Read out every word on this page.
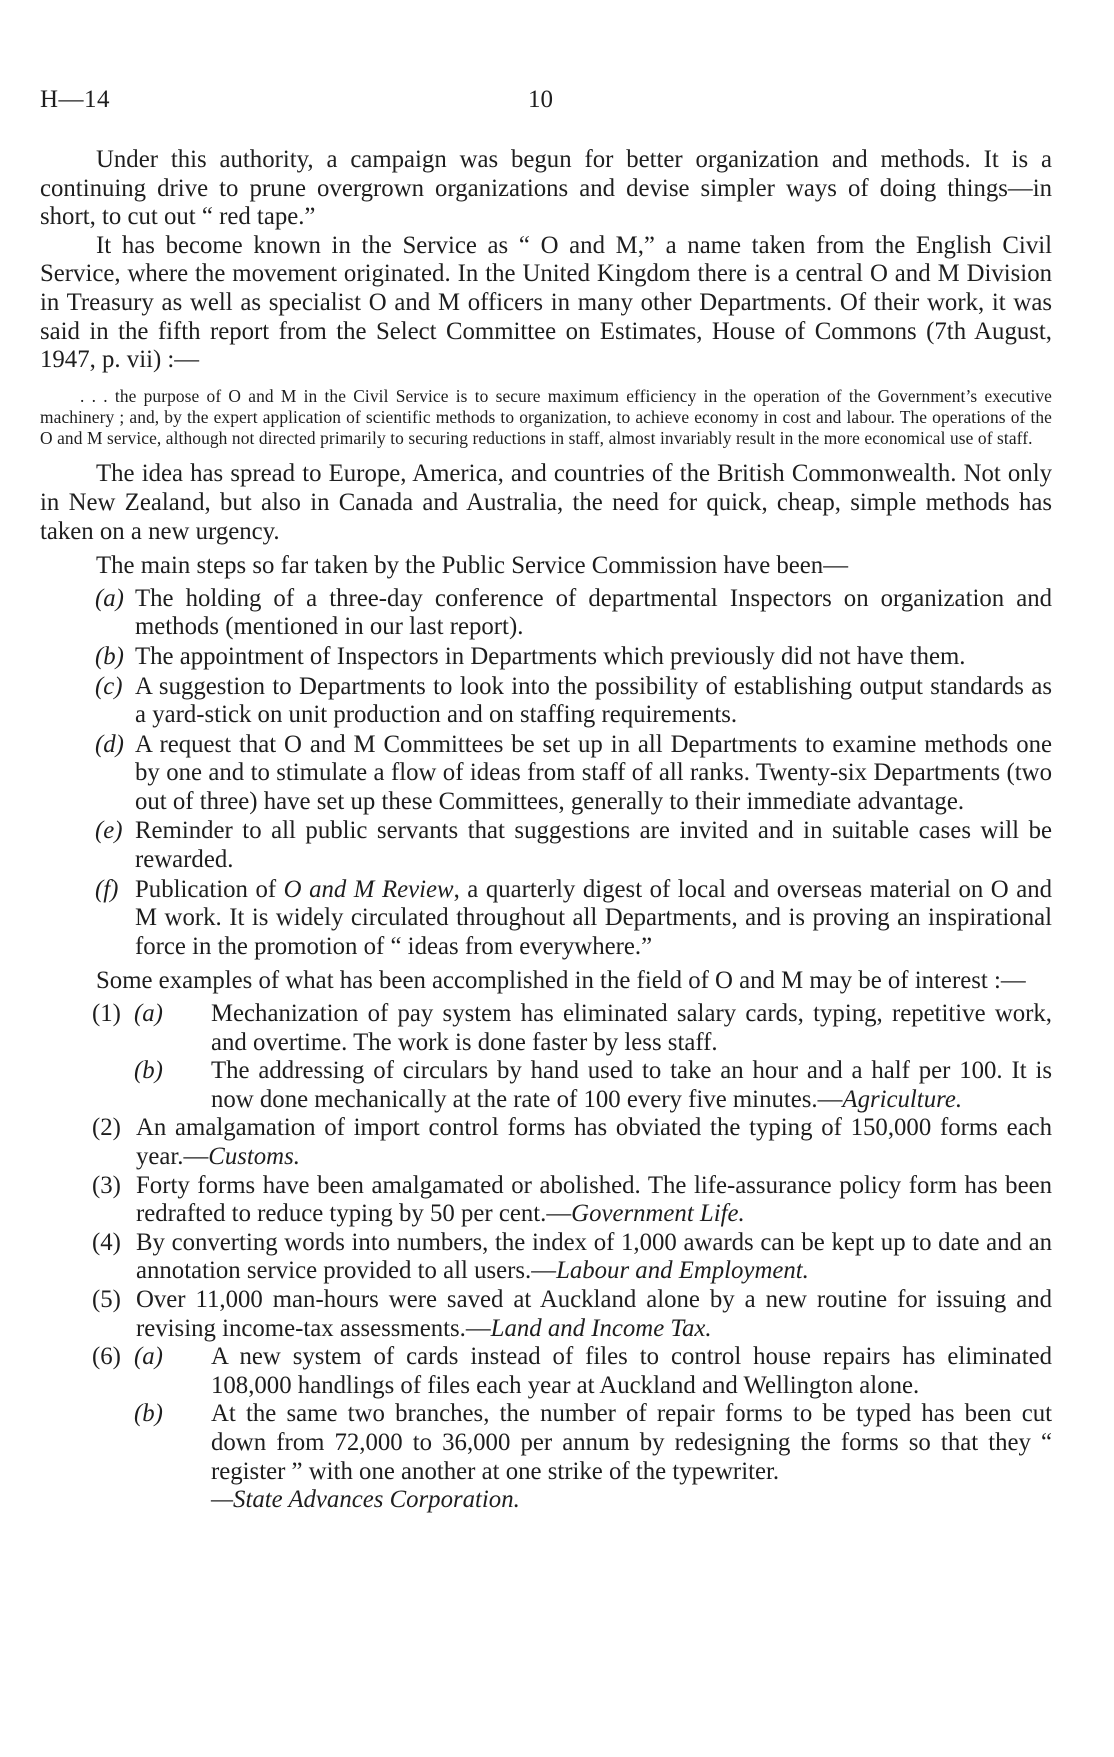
H—14	10

Under this authority, a campaign was begun for better organization and methods. It is a continuing drive to prune overgrown organizations and devise simpler ways of doing things—in short, to cut out “ red tape.”

It has become known in the Service as “ O and M,” a name taken from the English Civil Service, where the movement originated. In the United Kingdom there is a central O and M Division in Treasury as well as specialist O and M officers in many other Departments. Of their work, it was said in the fifth report from the Select Committee on Estimates, House of Commons (7th August, 1947, p. vii) :—

. . . the purpose of O and M in the Civil Service is to secure maximum efficiency in the operation of the Government’s executive machinery ; and, by the expert application of scientific methods to organization, to achieve economy in cost and labour. The operations of the O and M service, although not directed primarily to securing reductions in staff, almost invariably result in the more economical use of staff.

The idea has spread to Europe, America, and countries of the British Commonwealth. Not only in New Zealand, but also in Canada and Australia, the need for quick, cheap, simple methods has taken on a new urgency.

The main steps so far taken by the Public Service Commission have been—

(a) The holding of a three-day conference of departmental Inspectors on organization and methods (mentioned in our last report).
(b) The appointment of Inspectors in Departments which previously did not have them.
(c) A suggestion to Departments to look into the possibility of establishing output standards as a yard-stick on unit production and on staffing requirements.
(d) A request that O and M Committees be set up in all Departments to examine methods one by one and to stimulate a flow of ideas from staff of all ranks. Twenty-six Departments (two out of three) have set up these Committees, generally to their immediate advantage.
(e) Reminder to all public servants that suggestions are invited and in suitable cases will be rewarded.
(f) Publication of O and M Review, a quarterly digest of local and overseas material on O and M work. It is widely circulated throughout all Departments, and is proving an inspirational force in the promotion of “ ideas from everywhere.”

Some examples of what has been accomplished in the field of O and M may be of interest :—

(1) (a) Mechanization of pay system has eliminated salary cards, typing, repetitive work, and overtime. The work is done faster by less staff.
(b) The addressing of circulars by hand used to take an hour and a half per 100. It is now done mechanically at the rate of 100 every five minutes.—Agriculture.
(2) An amalgamation of import control forms has obviated the typing of 150,000 forms each year.—Customs.
(3) Forty forms have been amalgamated or abolished. The life-assurance policy form has been redrafted to reduce typing by 50 per cent.—Government Life.
(4) By converting words into numbers, the index of 1,000 awards can be kept up to date and an annotation service provided to all users.—Labour and Employment.
(5) Over 11,000 man-hours were saved at Auckland alone by a new routine for issuing and revising income-tax assessments.—Land and Income Tax.
(6) (a) A new system of cards instead of files to control house repairs has eliminated 108,000 handlings of files each year at Auckland and Wellington alone.
(b) At the same two branches, the number of repair forms to be typed has been cut down from 72,000 to 36,000 per annum by redesigning the forms so that they “ register ” with one another at one strike of the typewriter.
—State Advances Corporation.
